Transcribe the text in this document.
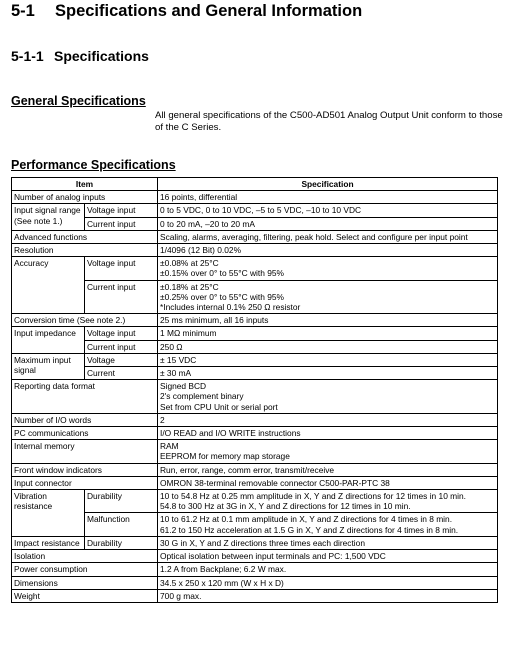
5-1 Specifications and General Information
5-1-1 Specifications
General Specifications
All general specifications of the C500-AD501 Analog Output Unit conform to those of the C Series.
Performance Specifications
Item		Specification
Number of analog inputs		16 points, differential
Input signal range (See note 1.)	Voltage input	0 to 5 VDC, 0 to 10 VDC, –5 to 5 VDC, –10 to 10 VDC
	Current input	0 to 20 mA, –20 to 20 mA
Advanced functions		Scaling, alarms, averaging, filtering, peak hold. Select and configure per input point
Resolution		1/4096 (12 Bit) 0.02%
Accuracy	Voltage input	±0.08% at 25°C
±0.15% over 0° to 55°C with 95%
	Current input	±0.18% at 25°C
±0.25% over 0° to 55°C with 95%
*Includes internal 0.1% 250 Ω resistor
Conversion time (See note 2.)		25 ms minimum, all 16 inputs
Input impedance	Voltage input	1 MΩ minimum
	Current input	250 Ω
Maximum input signal	Voltage	± 15 VDC
	Current	± 30 mA
Reporting data format		Signed BCD
2's complement binary
Set from CPU Unit or serial port
Number of I/O words		2
PC communications		I/O READ and I/O WRITE instructions
Internal memory		RAM
EEPROM for memory map storage
Front window indicators		Run, error, range, comm error, transmit/receive
Input connector		OMRON 38-terminal removable connector C500-PAR-PTC 38
Vibration resistance	Durability	10 to 54.8 Hz at 0.25 mm amplitude in X, Y and Z directions for 12 times in 10 min.
54.8 to 300 Hz at 3G in X, Y and Z directions for 12 times in 10 min.
	Malfunction	10 to 61.2 Hz at 0.1 mm amplitude in X, Y and Z directions for 4 times in 8 min.
61.2 to 150 Hz acceleration at 1.5 G in X, Y and Z directions for 4 times in 8 min.
Impact resistance	Durability	30 G in X, Y and Z directions three times each direction
Isolation		Optical isolation between input terminals and PC: 1,500 VDC
Power consumption		1.2 A from Backplane; 6.2 W max.
Dimensions		34.5 x 250 x 120 mm (W x H x D)
Weight		700 g max.
